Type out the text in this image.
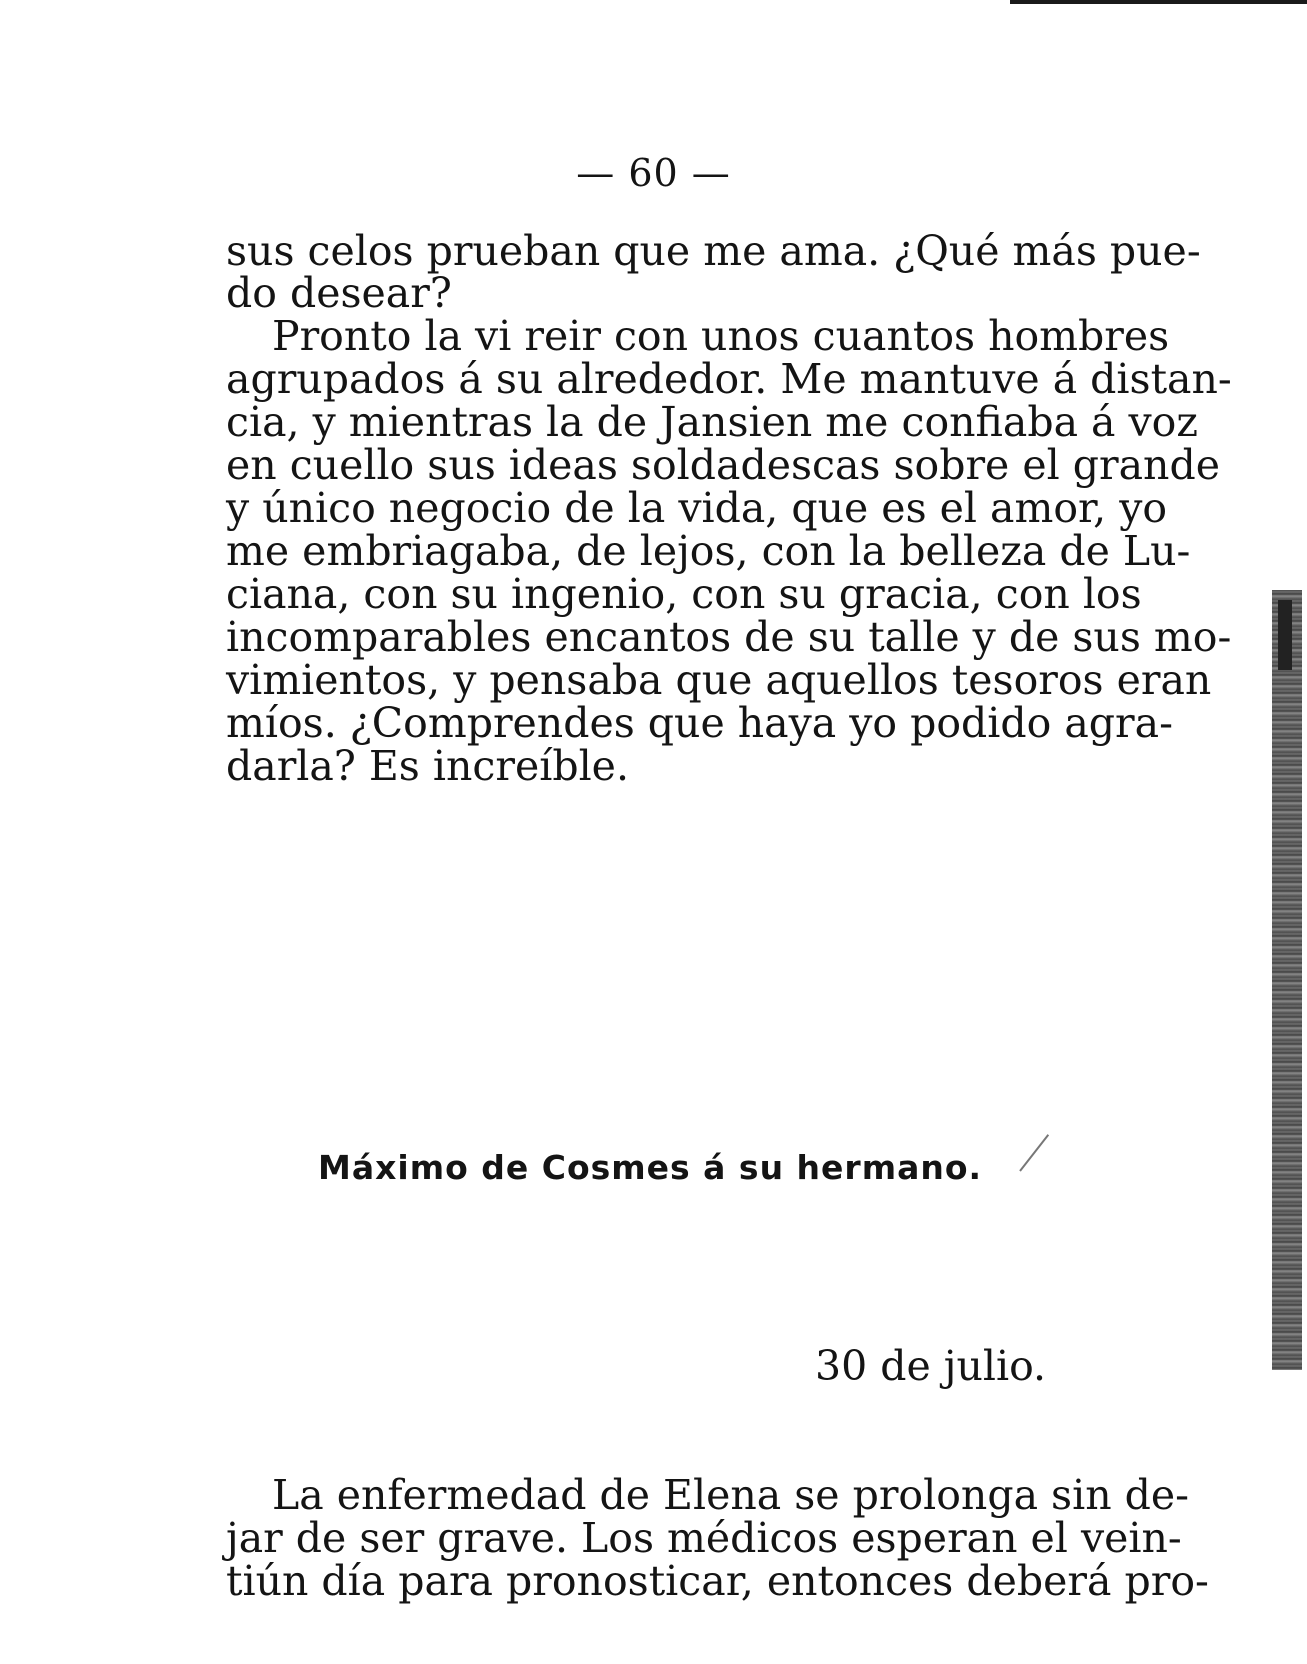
— 60 —
sus celos prueban que me ama. ¿Qué más pue-
do desear?
Pronto la vi reir con unos cuantos hombres
agrupados á su alrededor. Me mantuve á distan-
cia, y mientras la de Jansien me confiaba á voz
en cuello sus ideas soldadescas sobre el grande
y único negocio de la vida, que es el amor, yo
me embriagaba, de lejos, con la belleza de Lu-
ciana, con su ingenio, con su gracia, con los
incomparables encantos de su talle y de sus mo-
vimientos, y pensaba que aquellos tesoros eran
míos. ¿Comprendes que haya yo podido agra-
darla? Es increíble.
Máximo de Cosmes á su hermano.
30 de julio.
La enfermedad de Elena se prolonga sin de-
jar de ser grave. Los médicos esperan el vein-
tiún día para pronosticar, entonces deberá pro-
